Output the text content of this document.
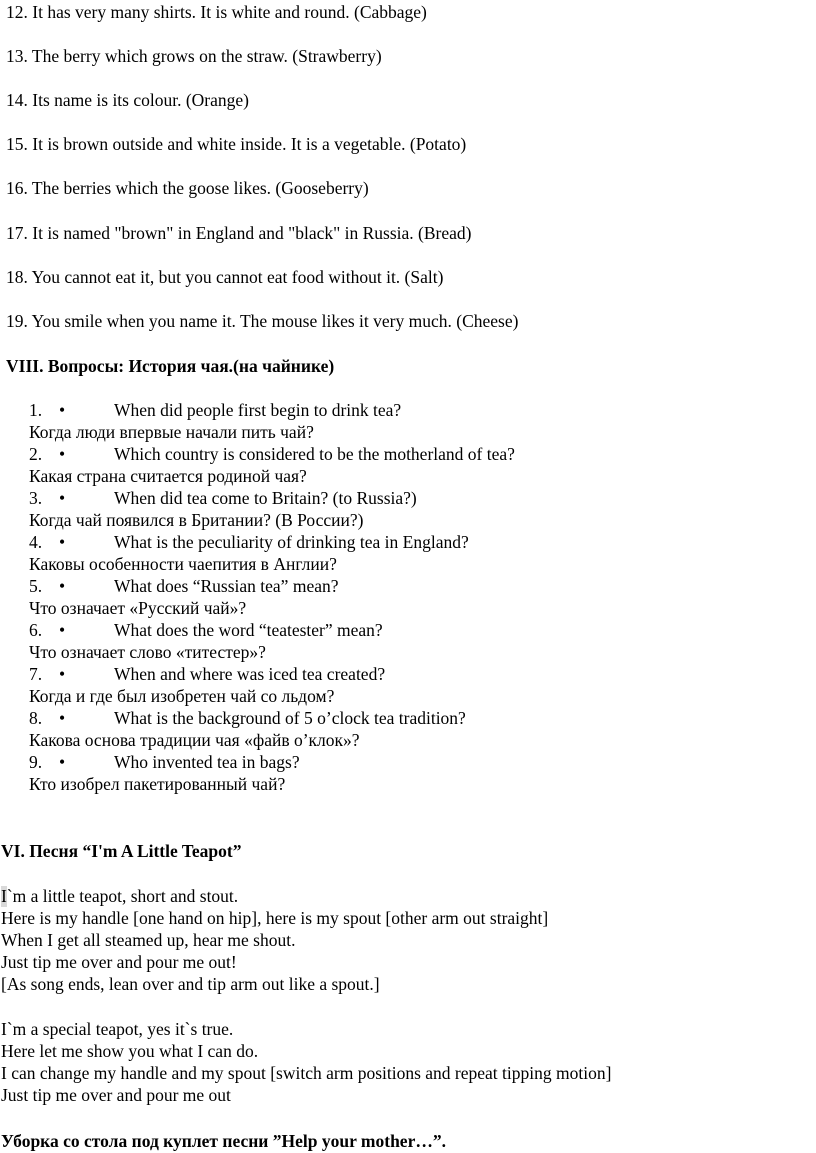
12. It has very many shirts. It is white and round. (Cabbage)
13. The berry which grows on the straw. (Strawberry)
14. Its name is its colour. (Orange)
15. It is brown outside and white inside. It is a vegetable. (Potato)
16. The berries which the goose likes. (Gooseberry)
17. It is named "brown" in England and "black" in Russia. (Bread)
18. You cannot eat it, but you cannot eat food without it. (Salt)
19. You smile when you name it. The mouse likes it very much. (Cheese)
VIII. Вопросы: История чая.(на чайнике)
1. •	When did people first begin to drink tea?
Когда люди впервые начали пить чай?
2. •	Which country is considered to be the motherland of tea?
Какая страна считается родиной чая?
3. •	When did tea come to Britain? (to Russia?)
Когда чай появился в Британии? (В России?)
4. •	What is the peculiarity of drinking tea in England?
Каковы особенности чаепития в Англии?
5. •	What does “Russian tea” mean?
Что означает «Русский чай»?
6. •	What does the word “teatester” mean?
Что означает слово «титестер»?
7. •	When and where was iced tea created?
Когда и где был изобретен чай со льдом?
8. •	What is the background of 5 o’clock tea tradition?
Какова основа традиции чая «файв о’клок»?
9. •	Who invented tea in bags?
Кто изобрел пакетированный чай?
VI. Песня “I'm A Little Teapot”
I`m a little teapot, short and stout.
Here is my handle [one hand on hip], here is my spout [other arm out straight]
When I get all steamed up, hear me shout.
Just tip me over and pour me out!
[As song ends, lean over and tip arm out like a spout.]
I`m a special teapot, yes it`s true.
Here let me show you what I can do.
I can change my handle and my spout [switch arm positions and repeat tipping motion]
Just tip me over and pour me out
Уборка со стола под куплет песни ”Help your mother…”.
